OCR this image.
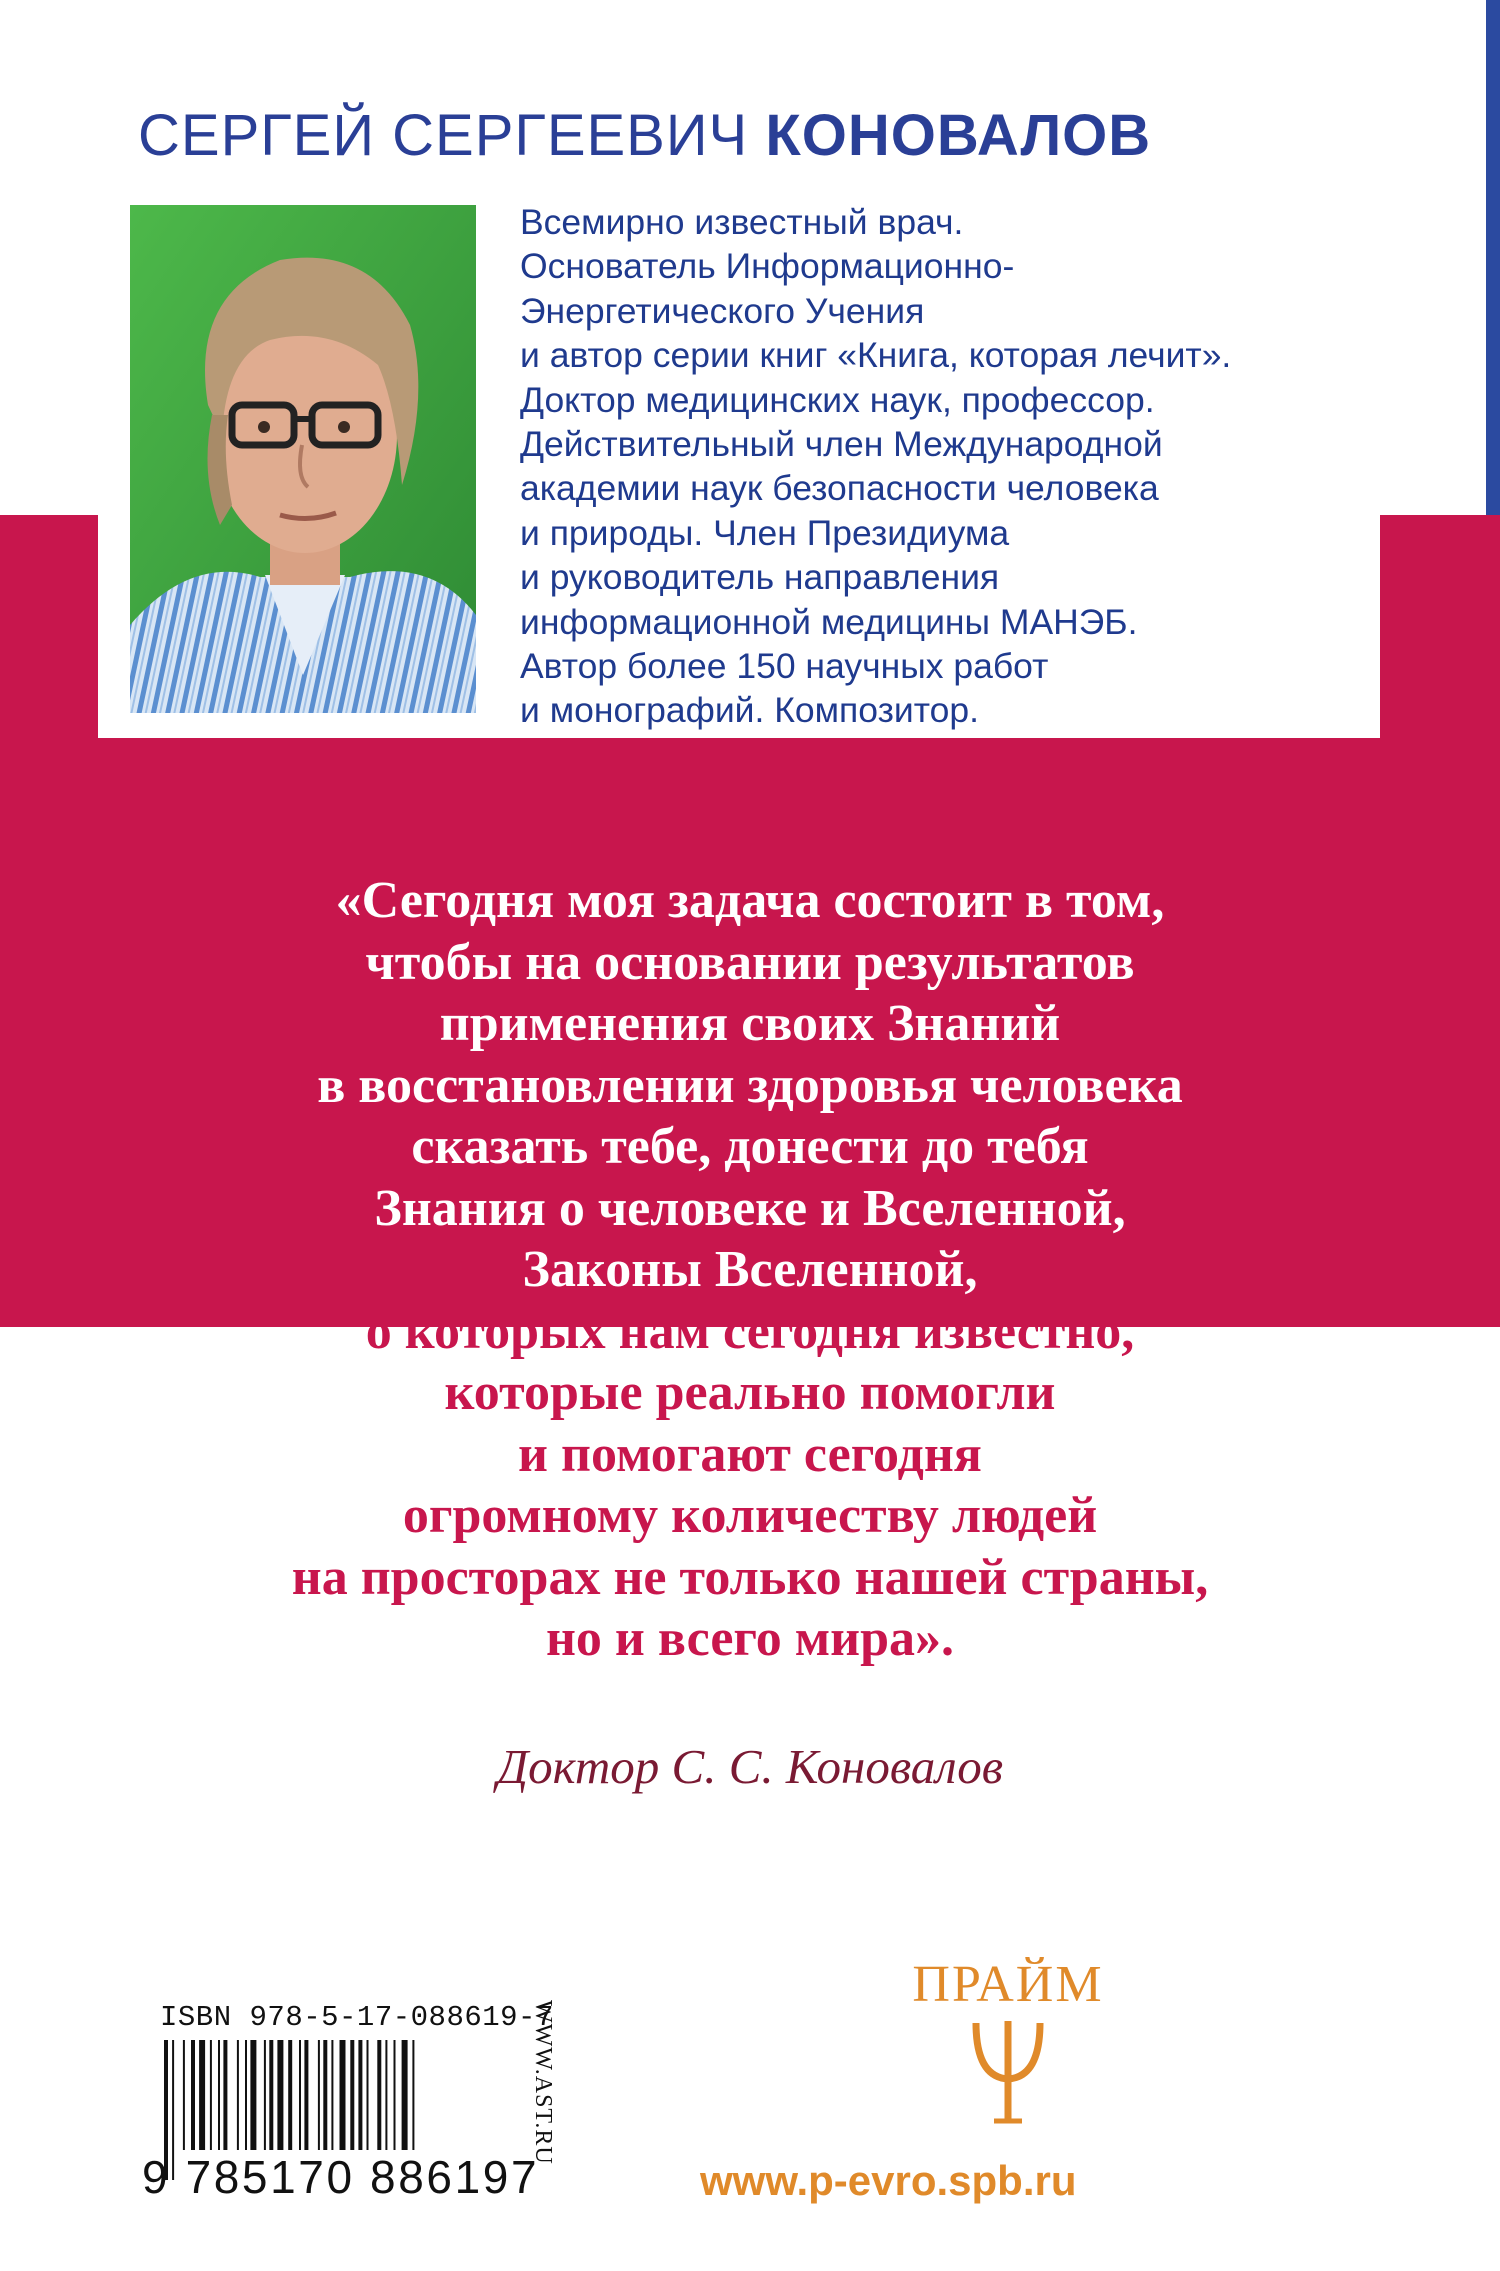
СЕРГЕЙ СЕРГЕЕВИЧ КОНОВАЛОВ
Всемирно известный врач.
Основатель Информационно-
Энергетического Учения
и автор серии книг «Книга, которая лечит».
Доктор медицинских наук, профессор.
Действительный член Международной
академии наук безопасности человека
и природы. Член Президиума
и руководитель направления
информационной медицины МАНЭБ.
Автор более 150 научных работ
и монографий. Композитор.
«Сегодня моя задача состоит в том,
чтобы на основании результатов
применения своих Знаний
в восстановлении здоровья человека
сказать тебе, донести до тебя
Знания о человеке и Вселенной,
Законы Вселенной,
о которых нам сегодня известно,
которые реально помогли
и помогают сегодня
огромному количеству людей
на просторах не только нашей страны,
но и всего мира».
Доктор С. С. Коновалов
ISBN 978-5-17-088619-7
9 785170 886197
WWW.AST.RU
ПРАЙМ
www.p-evro.spb.ru
